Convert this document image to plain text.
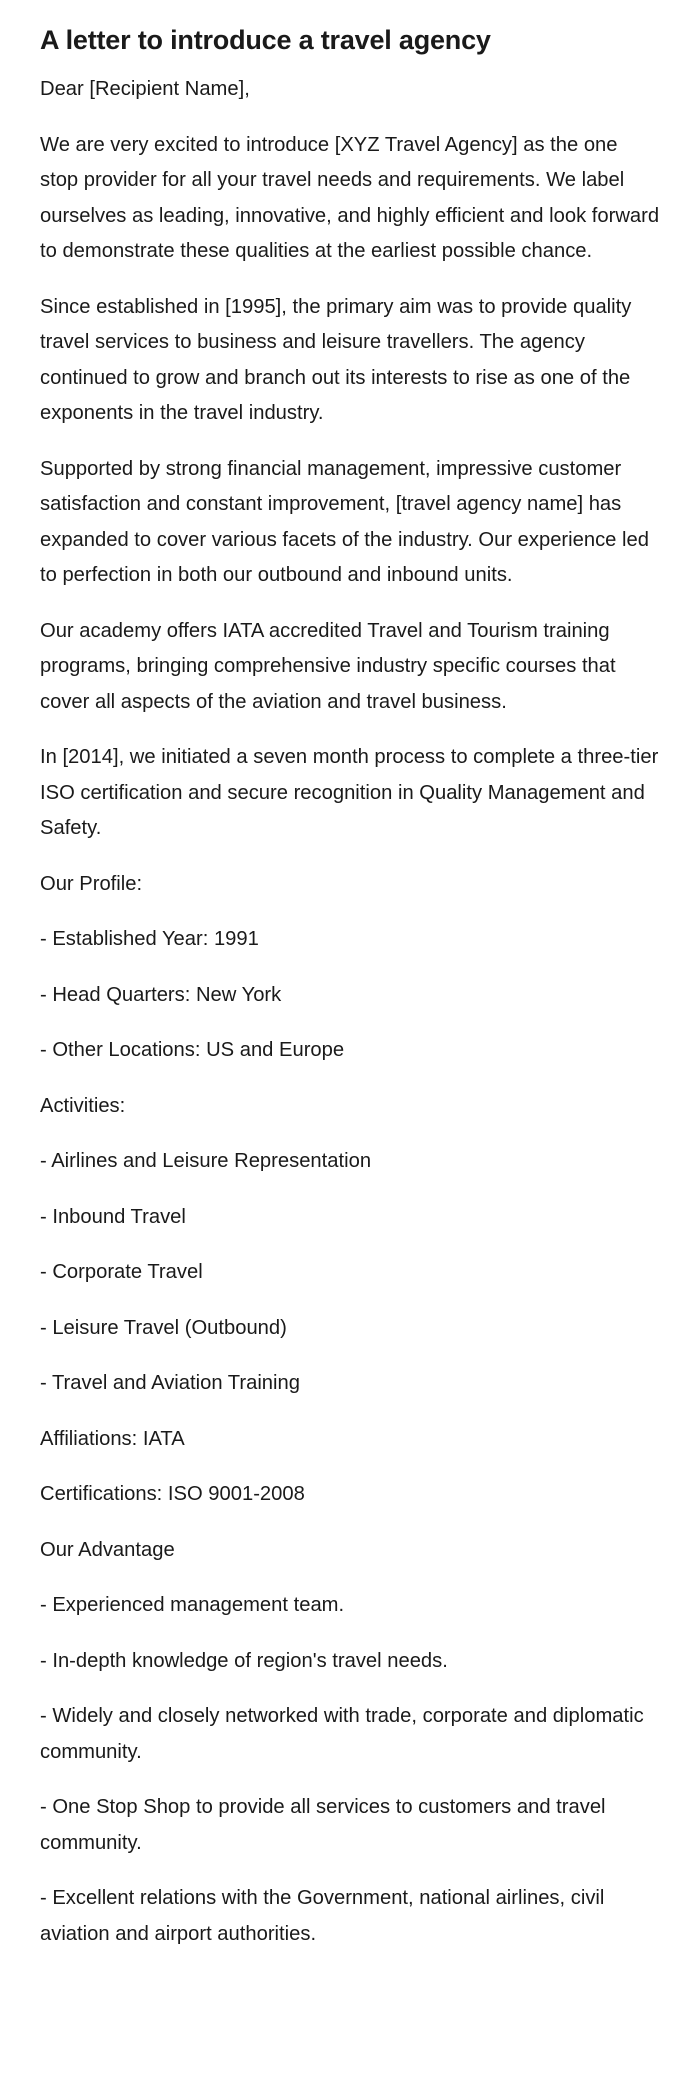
A letter to introduce a travel agency

Dear [Recipient Name],

We are very excited to introduce [XYZ Travel Agency] as the one stop provider for all your travel needs and requirements. We label ourselves as leading, innovative, and highly efficient and look forward to demonstrate these qualities at the earliest possible chance.

Since established in [1995], the primary aim was to provide quality travel services to business and leisure travellers. The agency continued to grow and branch out its interests to rise as one of the exponents in the travel industry.

Supported by strong financial management, impressive customer satisfaction and constant improvement, [travel agency name] has expanded to cover various facets of the industry. Our experience led to perfection in both our outbound and inbound units.

Our academy offers IATA accredited Travel and Tourism training programs, bringing comprehensive industry specific courses that cover all aspects of the aviation and travel business.

In [2014], we initiated a seven month process to complete a three-tier ISO certification and secure recognition in Quality Management and Safety.

Our Profile:

- Established Year: 1991

- Head Quarters: New York

- Other Locations: US and Europe

Activities:

- Airlines and Leisure Representation

- Inbound Travel

- Corporate Travel

- Leisure Travel (Outbound)

- Travel and Aviation Training

Affiliations: IATA

Certifications: ISO 9001-2008

Our Advantage

- Experienced management team.

- In-depth knowledge of region's travel needs.

- Widely and closely networked with trade, corporate and diplomatic community.

- One Stop Shop to provide all services to customers and travel community.

- Excellent relations with the Government, national airlines, civil aviation and airport authorities.
